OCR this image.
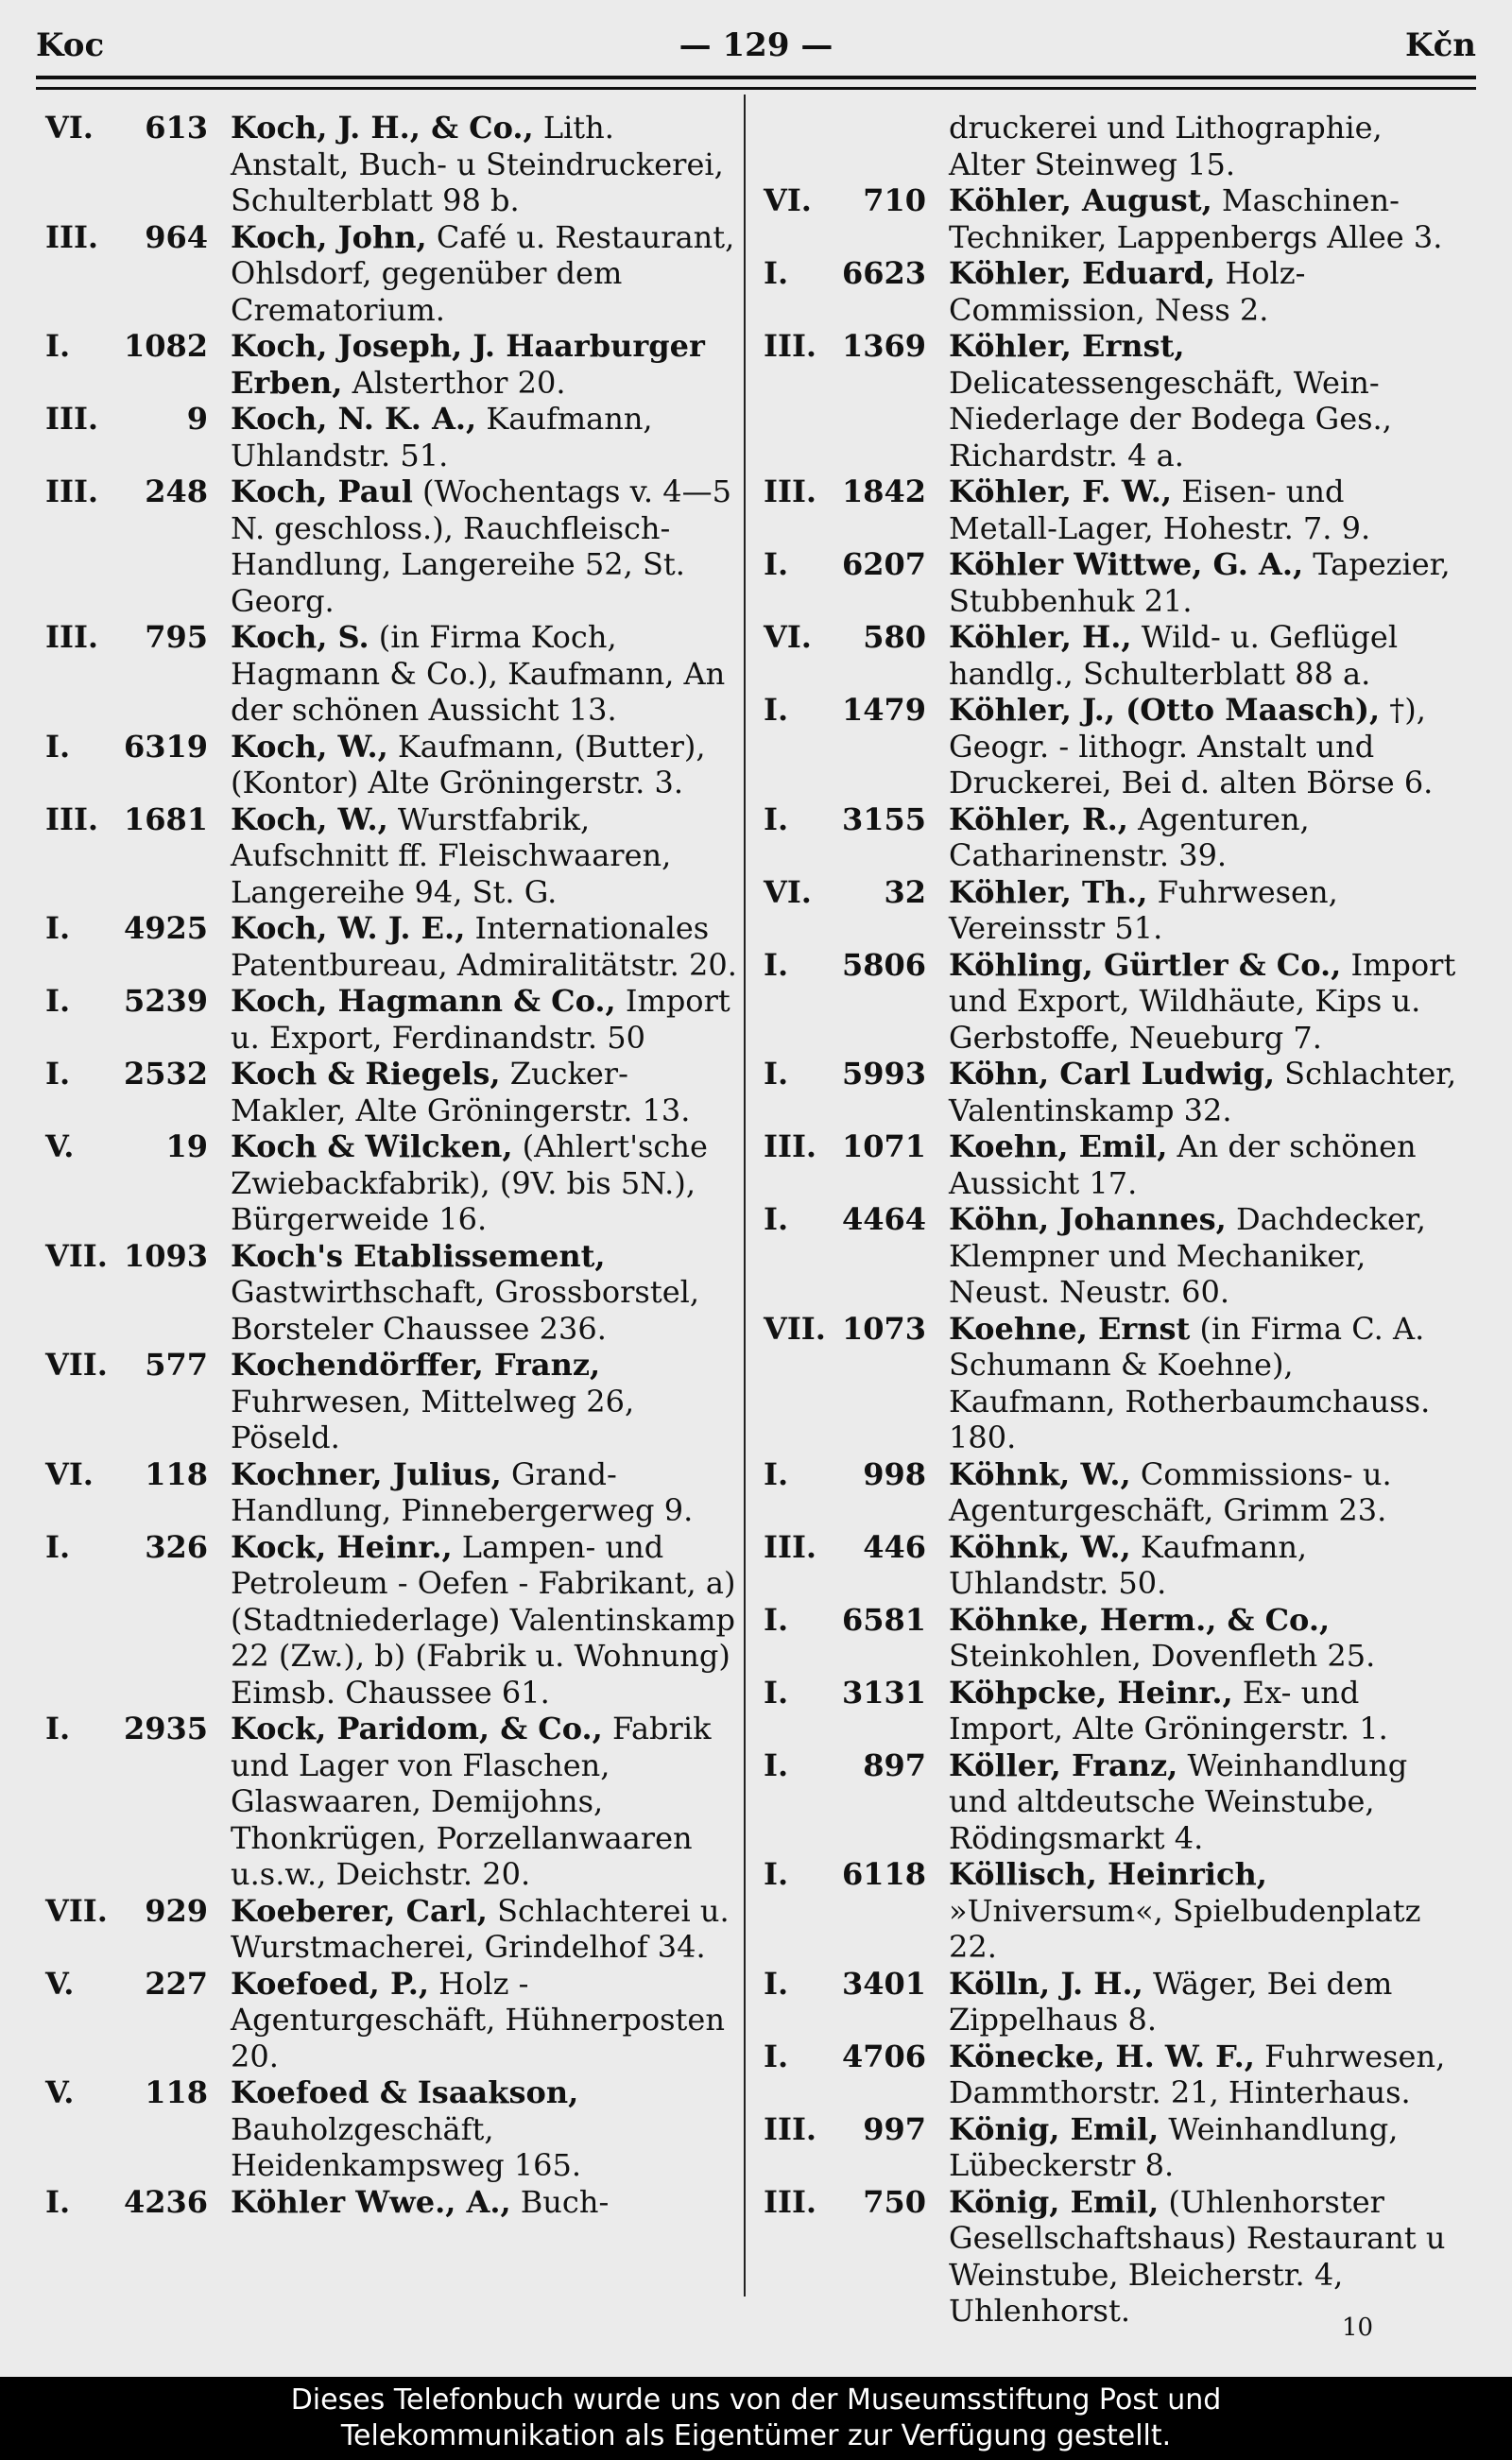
Koc	— 129 —	Kčn
VI. 613 Koch, J. H., & Co., Lith. Anstalt, Buch- u Steindruckerei, Schulterblatt 98 b.
III. 964 Koch, John, Café u. Restaurant, Ohlsdorf, gegenüber dem Crematorium.
I. 1082 Koch, Joseph, J. Haarburger Erben, Alsterthor 20.
III.	9 Koch, N. K. A., Kaufmann, Uhlandstr. 51.
III. 248 Koch, Paul (Wochentags v. 4—5 N. geschloss.), Rauchfleisch-Handlung, Langereihe 52, St. Georg.
III. 795 Koch, S. (in Firma Koch, Hagmann & Co.), Kaufmann, An der schönen Aussicht 13.
I. 6319 Koch, W., Kaufmann, (Butter), (Kontor) Alte Gröningerstr. 3.
III. 1681 Koch, W., Wurstfabrik, Aufschnitt ff. Fleischwaaren, Langereihe 94, St. G.
I. 4925 Koch, W. J. E., Internationales Patentbureau, Admiralitätstr. 20.
I. 5239 Koch, Hagmann & Co., Import u. Export, Ferdinandstr. 50
I. 2532 Koch & Riegels, Zucker-Makler, Alte Gröningerstr. 13.
V.	19 Koch & Wilcken, (Ahlert'sche Zwiebackfabrik), (9V. bis 5N.), Bürgerweide 16.
VII. 1093 Koch's Etablissement, Gastwirthschaft, Grossborstel, Borsteler Chaussee 236.
VII. 577 Kochendörffer, Franz, Fuhrwesen, Mittelweg 26, Pöseld.
VI. 118 Kochner, Julius, Grand-Handlung, Pinnebergerweg 9.
I. 326 Kock, Heinr., Lampen- und Petroleum - Oefen - Fabrikant, a) (Stadtniederlage) Valentinskamp 22 (Zw.), b) (Fabrik u. Wohnung) Eimsb. Chaussee 61.
I. 2935 Kock, Paridom, & Co., Fabrik und Lager von Flaschen, Glaswaaren, Demijohns, Thonkrügen, Porzellanwaaren u.s.w., Deichstr. 20.
VII. 929 Koeberer, Carl, Schlachterei u. Wurstmacherei, Grindelhof 34.
V. 227 Koefoed, P., Holz - Agenturgeschäft, Hühnerposten 20.
V. 118 Koefoed & Isaakson, Bauholzgeschäft, Heidenkampsweg 165.
I. 4236 Köhler Wwe., A., Buch-
druckerei und Lithographie, Alter Steinweg 15.
VI. 710 Köhler, August, Maschinen-Techniker, Lappenbergs Allee 3.
I. 6623 Köhler, Eduard, Holz-Commission, Ness 2.
III. 1369 Köhler, Ernst, Delicatessengeschäft, Wein-Niederlage der Bodega Ges., Richardstr. 4 a.
III. 1842 Köhler, F. W., Eisen- und Metall-Lager, Hohestr. 7. 9.
I. 6207 Köhler Wittwe, G. A., Tapezier, Stubbenhuk 21.
VI. 580 Köhler, H., Wild- u. Geflügel handlg., Schulterblatt 88 a.
I. 1479 Köhler, J., (Otto Maasch), †), Geogr. - lithogr. Anstalt und Druckerei, Bei d. alten Börse 6.
I. 3155 Köhler, R., Agenturen, Catharinenstr. 39.
VI. 32 Köhler, Th., Fuhrwesen, Vereinsstr 51.
I. 5806 Köhling, Gürtler & Co., Import und Export, Wildhäute, Kips u. Gerbstoffe, Neueburg 7.
I. 5993 Köhn, Carl Ludwig, Schlachter, Valentinskamp 32.
III. 1071 Koehn, Emil, An der schönen Aussicht 17.
I. 4464 Köhn, Johannes, Dachdecker, Klempner und Mechaniker, Neust. Neustr. 60.
VII. 1073 Koehne, Ernst (in Firma C. A. Schumann & Koehne), Kaufmann, Rotherbaumchauss. 180.
I. 998 Köhnk, W., Commissions- u. Agenturgeschäft, Grimm 23.
III. 446 Köhnk, W., Kaufmann, Uhlandstr. 50.
I. 6581 Köhnke, Herm., & Co., Steinkohlen, Dovenfleth 25.
I. 3131 Köhpcke, Heinr., Ex- und Import, Alte Gröningerstr. 1.
I. 897 Köller, Franz, Weinhandlung und altdeutsche Weinstube, Rödingsmarkt 4.
I. 6118 Köllisch, Heinrich, »Universum«, Spielbudenplatz 22.
I. 3401 Kölln, J. H., Wäger, Bei dem Zippelhaus 8.
I. 4706 Könecke, H. W. F., Fuhrwesen, Dammthorstr. 21, Hinterhaus.
III. 997 König, Emil, Weinhandlung, Lübeckerstr 8.
III. 750 König, Emil, (Uhlenhorster Gesellschaftshaus) Restaurant u Weinstube, Bleicherstr. 4, Uhlenhorst.	10
Dieses Telefonbuch wurde uns von der Museumsstiftung Post und
Telekommunikation als Eigentümer zur Verfügung gestellt.
